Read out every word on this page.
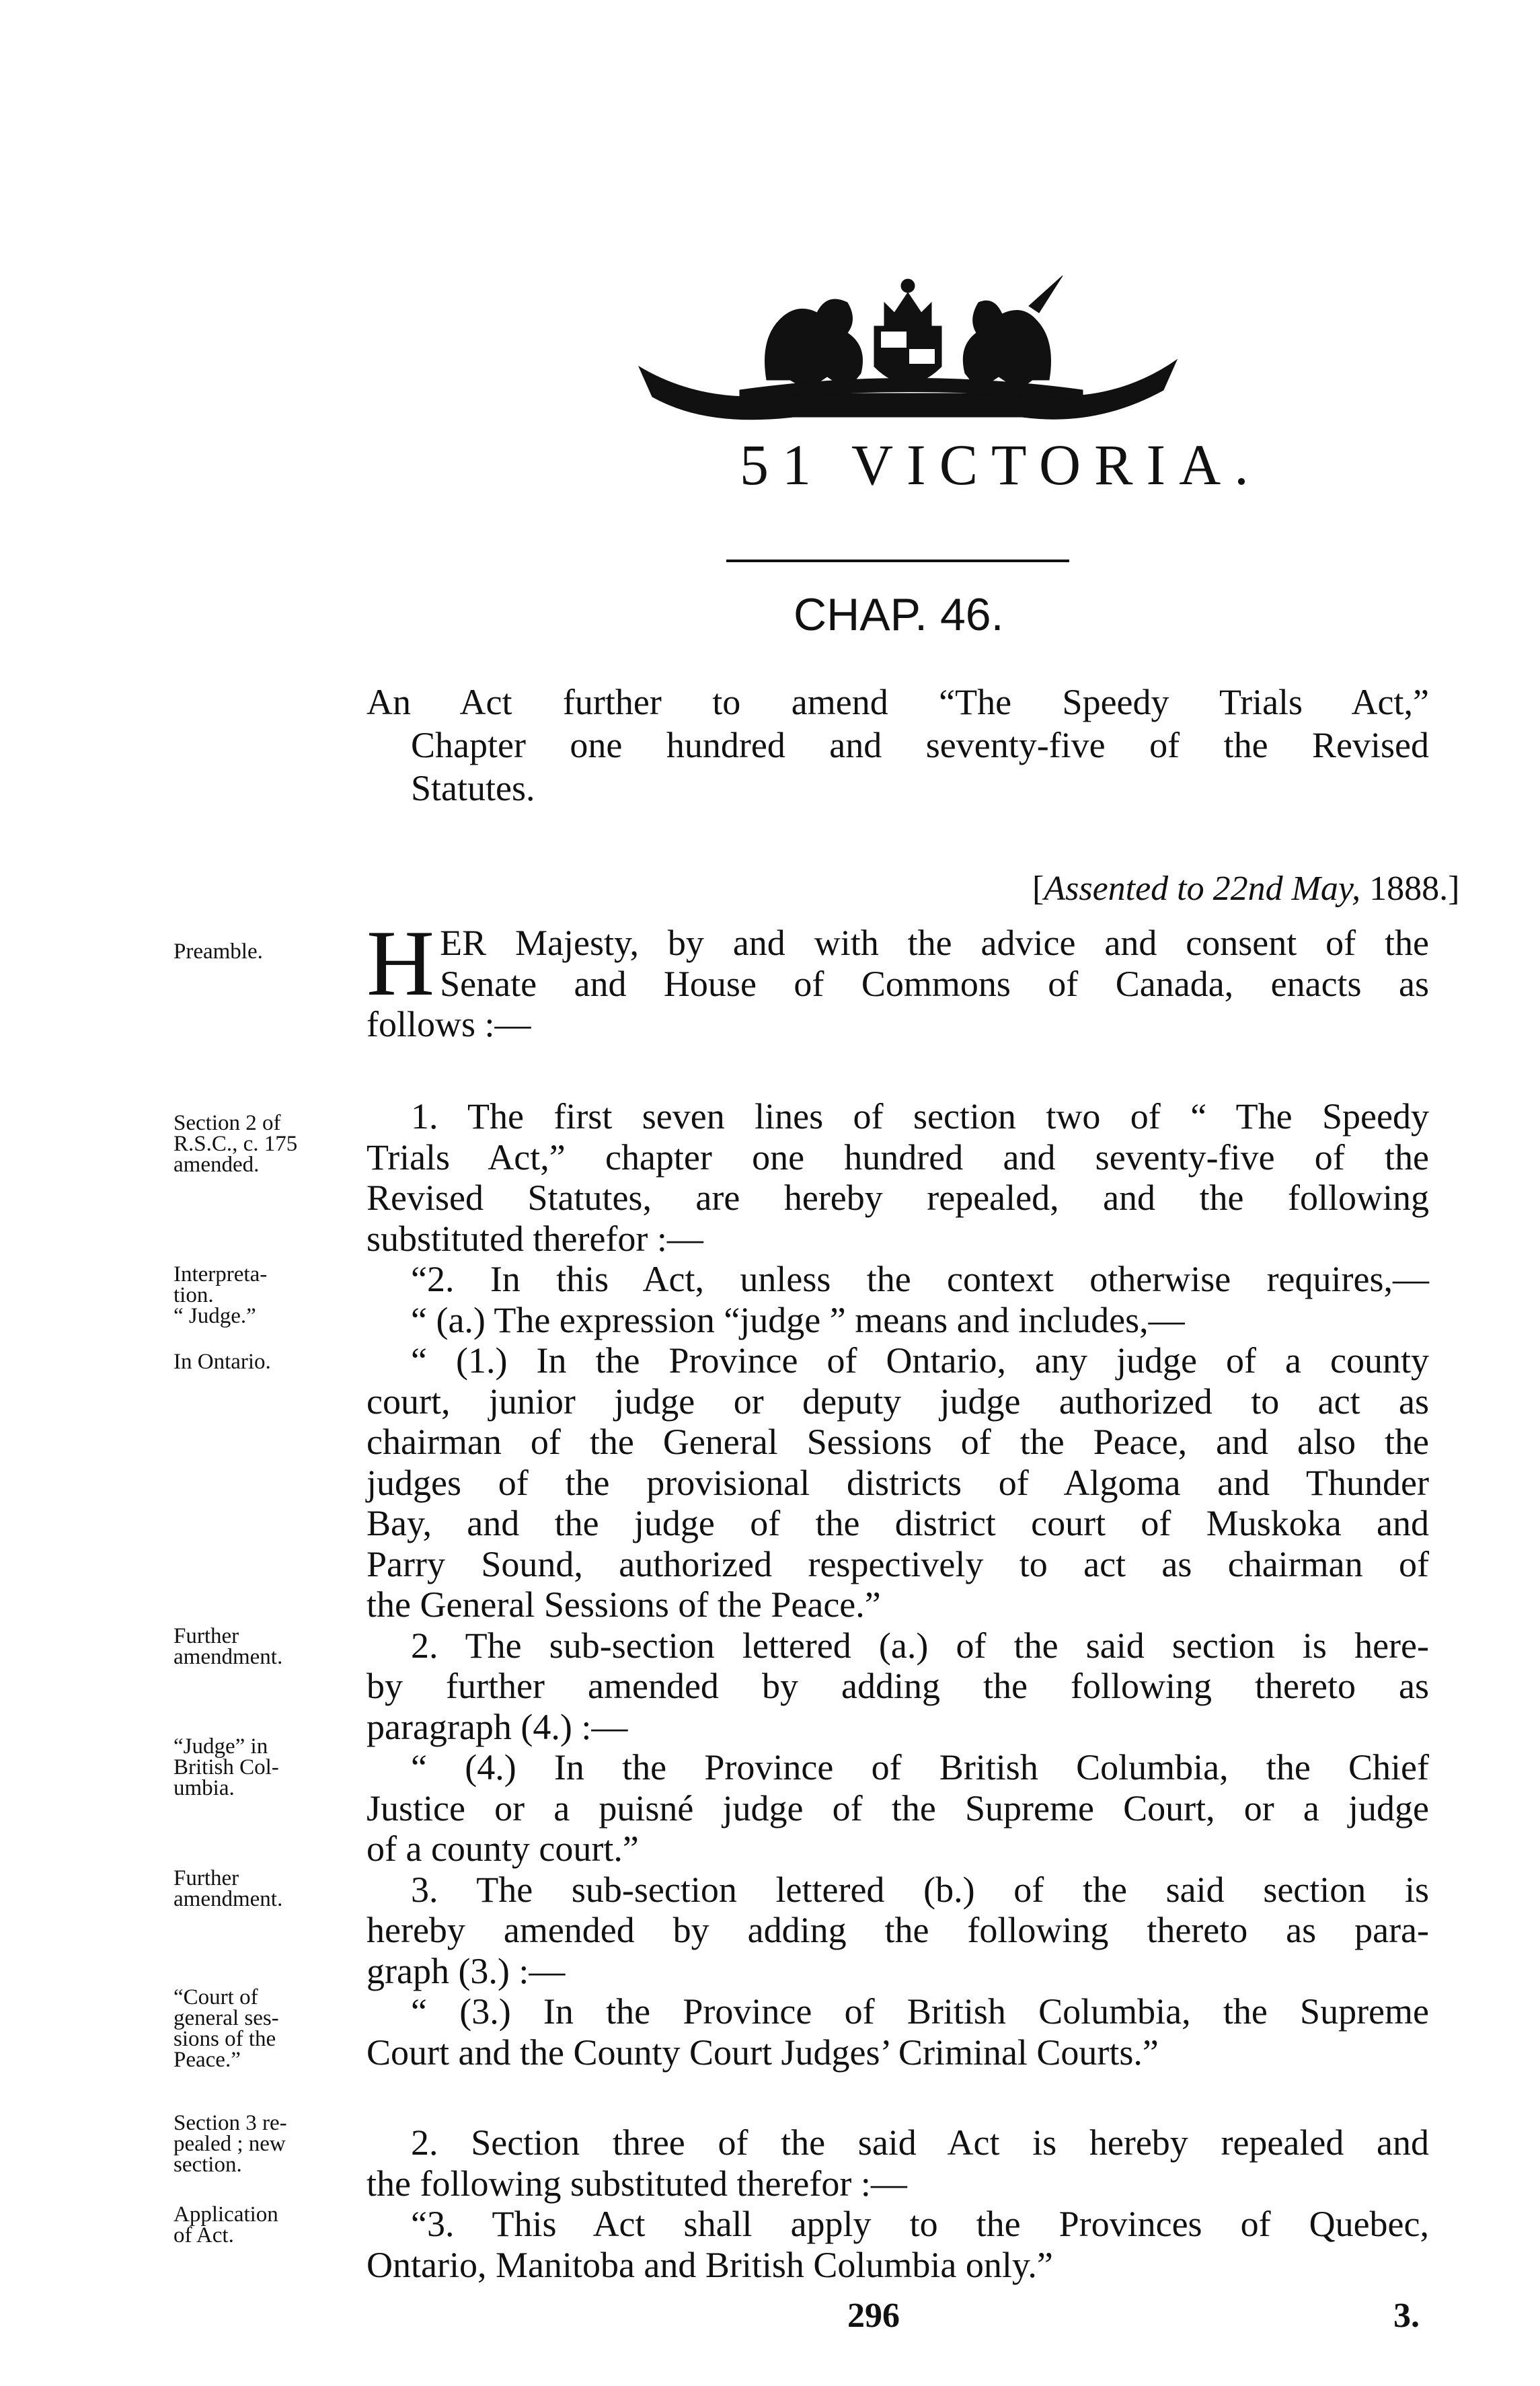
51 VICTORIA.
CHAP. 46.
An Act further to amend “The Speedy Trials Act,”
Chapter one hundred and seventy-five of the Revised
Statutes.
[Assented to 22nd May, 1888.]
H ER Majesty, by and with the advice and consent of the
Senate and House of Commons of Canada, enacts as
follows :—
1. The first seven lines of section two of “ The Speedy
Trials Act,” chapter one hundred and seventy-five of the
Revised Statutes, are hereby repealed, and the following
substituted therefor :—
“2. In this Act, unless the context otherwise requires,—
“ (a.) The expression “judge ” means and includes,—
“ (1.) In the Province of Ontario, any judge of a county
court, junior judge or deputy judge authorized to act as
chairman of the General Sessions of the Peace, and also the
judges of the provisional districts of Algoma and Thunder
Bay, and the judge of the district court of Muskoka and
Parry Sound, authorized respectively to act as chairman of
the General Sessions of the Peace.”
2. The sub-section lettered (a.) of the said section is here-
by further amended by adding the following thereto as
paragraph (4.) :—
“ (4.) In the Province of British Columbia, the Chief
Justice or a puisné judge of the Supreme Court, or a judge
of a county court.”
3. The sub-section lettered (b.) of the said section is
hereby amended by adding the following thereto as para-
graph (3.) :—
“ (3.) In the Province of British Columbia, the Supreme
Court and the County Court Judges’ Criminal Courts.”
2. Section three of the said Act is hereby repealed and
the following substituted therefor :—
“3. This Act shall apply to the Provinces of Quebec,
Ontario, Manitoba and British Columbia only.”
Preamble.
Section 2 of
R.S.C., c. 175
amended.
Interpreta-
tion.
“ Judge.”
In Ontario.
Further
amendment.
“Judge” in
British Col-
umbia.
Further
amendment.
“Court of
general ses-
sions of the
Peace.”
Section 3 re-
pealed ; new
section.
Application
of Act.
296	3.
